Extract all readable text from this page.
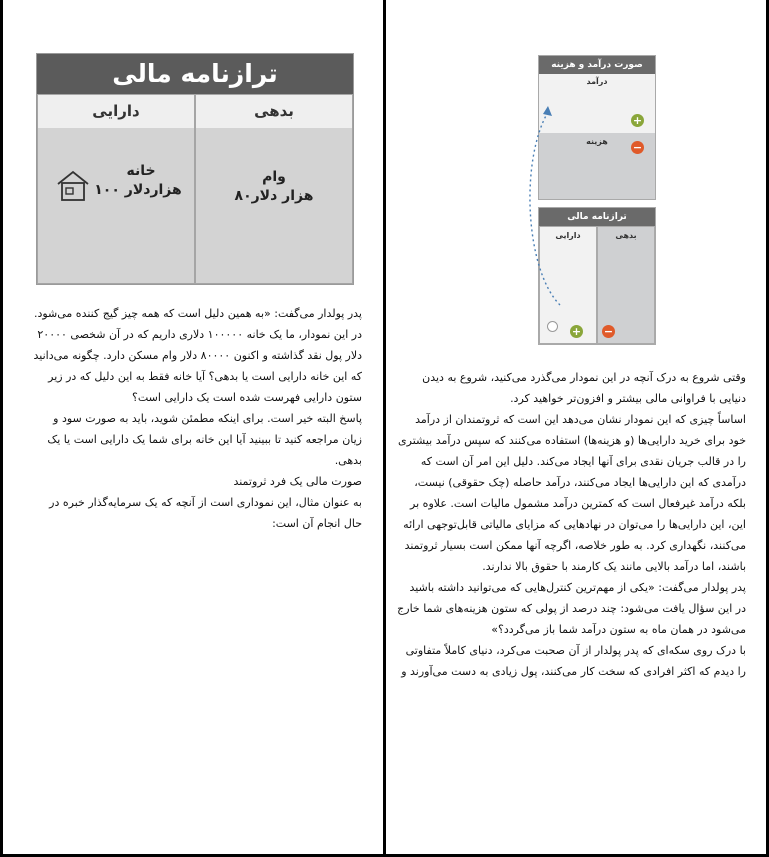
ترازنامه مالی
دارایی
خانه
۱۰۰ هزاردلار
بدهی
وام
۸۰هزار دلار

پدر پولدار می‌گفت: «به همین دلیل است که همه چیز گیج کننده می‌شود. در این نمودار، ما یک خانه ۱۰۰۰۰۰ دلاری داریم که در آن شخصی ۲۰۰۰۰ دلار پول نقد گذاشته و اکنون ۸۰۰۰۰ دلار وام مسکن دارد. چگونه می‌دانید که این خانه دارایی است یا بدهی؟ آیا خانه فقط به این دلیل که در زیر ستون دارایی فهرست شده است یک دارایی است؟

پاسخ البته خیر است. برای اینکه مطمئن شوید، باید به صورت سود و زیان مراجعه کنید تا ببینید آیا این خانه برای شما یک دارایی است یا یک بدهی.

صورت مالی یک فرد ثروتمند

به عنوان مثال، این نموداری است از آنچه که یک سرمایه‌گذار خبره در حال انجام آن است:

صورت درآمد و هزینه
درآمد
+
هزینه	−
ترازنامه مالی
دارایی
+
بدهی
−

وقتی شروع به درک آنچه در این نمودار می‌گذرد می‌کنید، شروع به دیدن دنیایی با فراوانی مالی بیشتر و افزون‌تر خواهید کرد.

اساساً چیزی که این نمودار نشان می‌دهد این است که ثروتمندان از درآمد خود برای خرید دارایی‌ها (و هزینه‌ها) استفاده می‌کنند که سپس درآمد بیشتری را در قالب جریان نقدی برای آنها ایجاد می‌کند. دلیل این امر آن است که درآمدی که این دارایی‌ها ایجاد می‌کنند، درآمد حاصله (چک حقوقی) نیست، بلکه درآمد غیرفعال است که کمترین درآمد مشمول مالیات است. علاوه بر این، این دارایی‌ها را می‌توان در نهادهایی که مزایای مالیاتی قابل‌توجهی ارائه می‌کنند، نگهداری کرد. به طور خلاصه، اگرچه آنها ممکن است بسیار ثروتمند باشند، اما درآمد بالایی مانند یک کارمند با حقوق بالا ندارند.

پدر پولدار می‌گفت: «یکی از مهم‌ترین کنترل‌هایی که می‌توانید داشته باشید در این سؤال یافت می‌شود: چند درصد از پولی که ستون هزینه‌های شما خارج می‌شود در همان ماه به ستون درآمد شما باز می‌گردد؟»

با درک روی سکه‌ای که پدر پولدار از آن صحبت می‌کرد، دنیای کاملاً متفاوتی را دیدم که اکثر افرادی که سخت کار می‌کنند، پول زیادی به دست می‌آورند و
